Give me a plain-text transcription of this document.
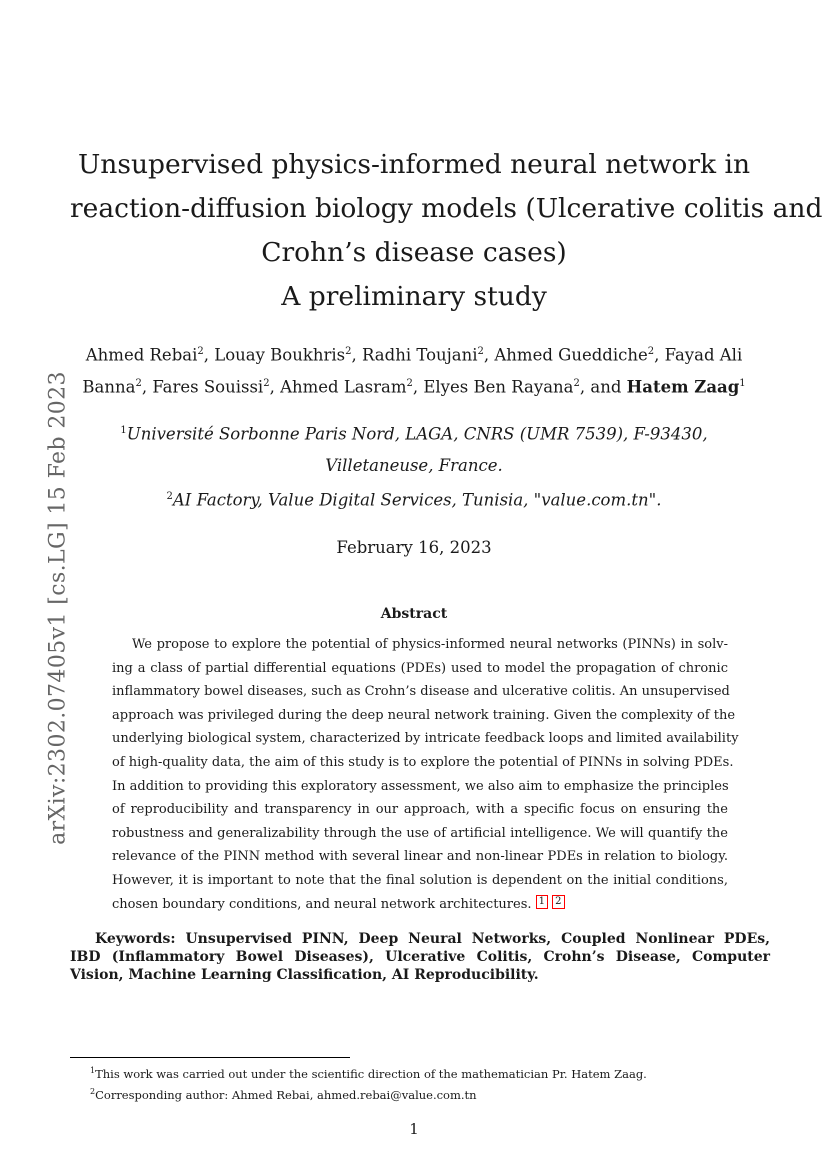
arXiv:2302.07405v1 [cs.LG] 15 Feb 2023
Unsupervised physics-informed neural network in
reaction-diffusion biology models (Ulcerative colitis and
Crohn’s disease cases)
A preliminary study
Ahmed Rebai$^2$, Louay Boukhris$^2$, Radhi Toujani$^2$, Ahmed Gueddiche$^2$, Fayad Ali
Banna$^2$, Fares Souissi$^2$, Ahmed Lasram$^2$, Elyes Ben Rayana$^2$, and Hatem Zaag$^1$
$^1$Université Sorbonne Paris Nord, LAGA, CNRS (UMR 7539), F-93430,
Villetaneuse, France.
$^2$AI Factory, Value Digital Services, Tunisia, "value.com.tn".
February 16, 2023
Abstract
We propose to explore the potential of physics-informed neural networks (PINNs) in solv-
ing a class of partial differential equations (PDEs) used to model the propagation of chronic
inflammatory bowel diseases, such as Crohn’s disease and ulcerative colitis. An unsupervised
approach was privileged during the deep neural network training. Given the complexity of the
underlying biological system, characterized by intricate feedback loops and limited availability
of high-quality data, the aim of this study is to explore the potential of PINNs in solving PDEs.
In addition to providing this exploratory assessment, we also aim to emphasize the principles
of reproducibility and transparency in our approach, with a specific focus on ensuring the
robustness and generalizability through the use of artificial intelligence. We will quantify the
relevance of the PINN method with several linear and non-linear PDEs in relation to biology.
However, it is important to note that the final solution is dependent on the initial conditions,
chosen boundary conditions, and neural network architectures. 1 2
Keywords: Unsupervised PINN, Deep Neural Networks, Coupled Nonlinear PDEs,
IBD (Inflammatory Bowel Diseases), Ulcerative Colitis, Crohn’s Disease, Computer
Vision, Machine Learning Classification, AI Reproducibility.
$^1$This work was carried out under the scientific direction of the mathematician Pr. Hatem Zaag.
$^2$Corresponding author: Ahmed Rebai, ahmed.rebai@value.com.tn
1
